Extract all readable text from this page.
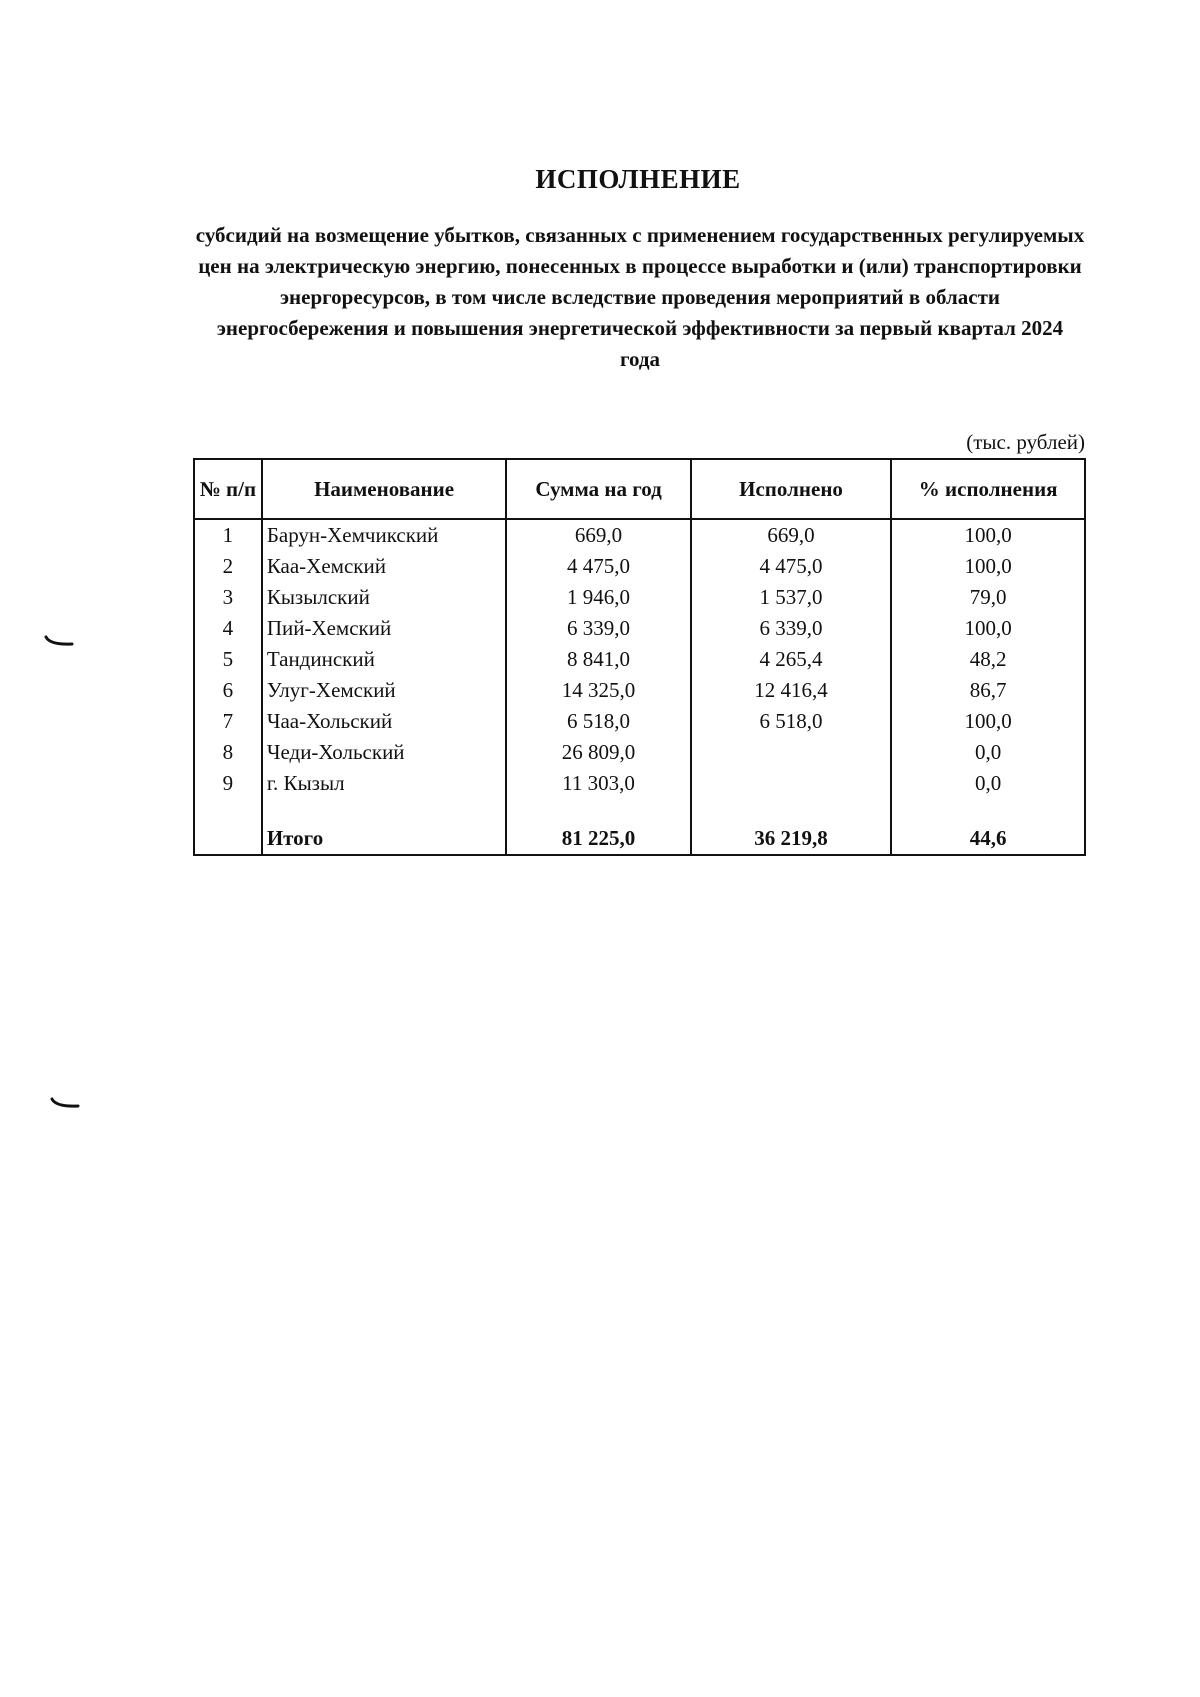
ИСПОЛНЕНИЕ

субсидий на возмещение убытков, связанных с применением государственных регулируемых цен на электрическую энергию, понесенных в процессе выработки и (или) транспортировки энергоресурсов, в том числе вследствие проведения мероприятий в области энергосбережения и повышения энергетической эффективности за первый квартал 2024 года

(тыс. рублей)
№ п/п	Наименование	Сумма на год	Исполнено	% исполнения
1	Барун-Хемчикский	669,0	669,0	100,0
2	Каа-Хемский	4 475,0	4 475,0	100,0
3	Кызылский	1 946,0	1 537,0	79,0
4	Пий-Хемский	6 339,0	6 339,0	100,0
5	Тандинский	8 841,0	4 265,4	48,2
6	Улуг-Хемский	14 325,0	12 416,4	86,7
7	Чаа-Хольский	6 518,0	6 518,0	100,0
8	Чеди-Хольский	26 809,0		0,0
9	г. Кызыл	11 303,0		0,0

	Итого	81 225,0	36 219,8	44,6
